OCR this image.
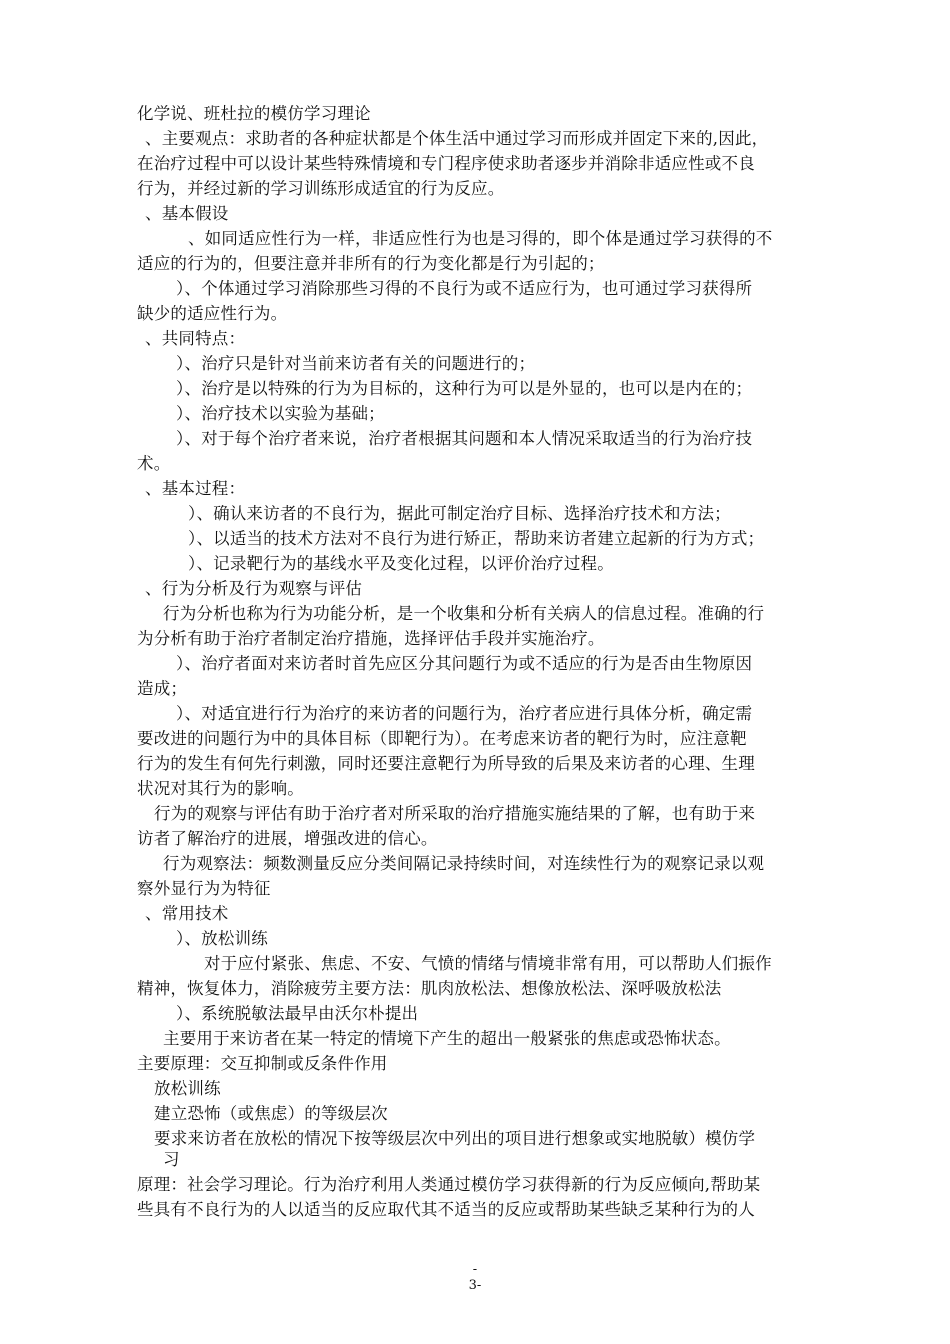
化学说、班杜拉的模仿学习理论
、主要观点：求助者的各种症状都是个体生活中通过学习而形成并固定下来的,因此，
在治疗过程中可以设计某些特殊情境和专门程序使求助者逐步并消除非适应性或不良
行为，并经过新的学习训练形成适宜的行为反应。
、基本假设
、如同适应性行为一样，非适应性行为也是习得的，即个体是通过学习获得的不
适应的行为的，但要注意并非所有的行为变化都是行为引起的；
）、个体通过学习消除那些习得的不良行为或不适应行为，也可通过学习获得所
缺少的适应性行为。
、共同特点：
）、治疗只是针对当前来访者有关的问题进行的；
）、治疗是以特殊的行为为目标的，这种行为可以是外显的，也可以是内在的；
）、治疗技术以实验为基础；
）、对于每个治疗者来说，治疗者根据其问题和本人情况采取适当的行为治疗技
术。
、基本过程：
）、确认来访者的不良行为，据此可制定治疗目标、选择治疗技术和方法；
）、以适当的技术方法对不良行为进行矫正，帮助来访者建立起新的行为方式；
）、记录靶行为的基线水平及变化过程，以评价治疗过程。
、行为分析及行为观察与评估
行为分析也称为行为功能分析，是一个收集和分析有关病人的信息过程。准确的行
为分析有助于治疗者制定治疗措施，选择评估手段并实施治疗。
）、治疗者面对来访者时首先应区分其问题行为或不适应的行为是否由生物原因
造成；
）、对适宜进行行为治疗的来访者的问题行为，治疗者应进行具体分析，确定需
要改进的问题行为中的具体目标（即靶行为）。在考虑来访者的靶行为时，应注意靶
行为的发生有何先行刺激，同时还要注意靶行为所导致的后果及来访者的心理、生理
状况对其行为的影响。
行为的观察与评估有助于治疗者对所采取的治疗措施实施结果的了解，也有助于来
访者了解治疗的进展，增强改进的信心。
行为观察法：频数测量反应分类间隔记录持续时间，对连续性行为的观察记录以观
察外显行为为特征
、常用技术
）、放松训练
对于应付紧张、焦虑、不安、气愤的情绪与情境非常有用，可以帮助人们振作
精神，恢复体力，消除疲劳主要方法：肌肉放松法、想像放松法、深呼吸放松法
）、系统脱敏法最早由沃尔朴提出
主要用于来访者在某一特定的情境下产生的超出一般紧张的焦虑或恐怖状态。
主要原理：交互抑制或反条件作用
放松训练
建立恐怖（或焦虑）的等级层次
要求来访者在放松的情况下按等级层次中列出的项目进行想象或实地脱敏）模仿学
习
原理：社会学习理论。行为治疗利用人类通过模仿学习获得新的行为反应倾向,帮助某
些具有不良行为的人以适当的反应取代其不适当的反应或帮助某些缺乏某种行为的人
-
3-
